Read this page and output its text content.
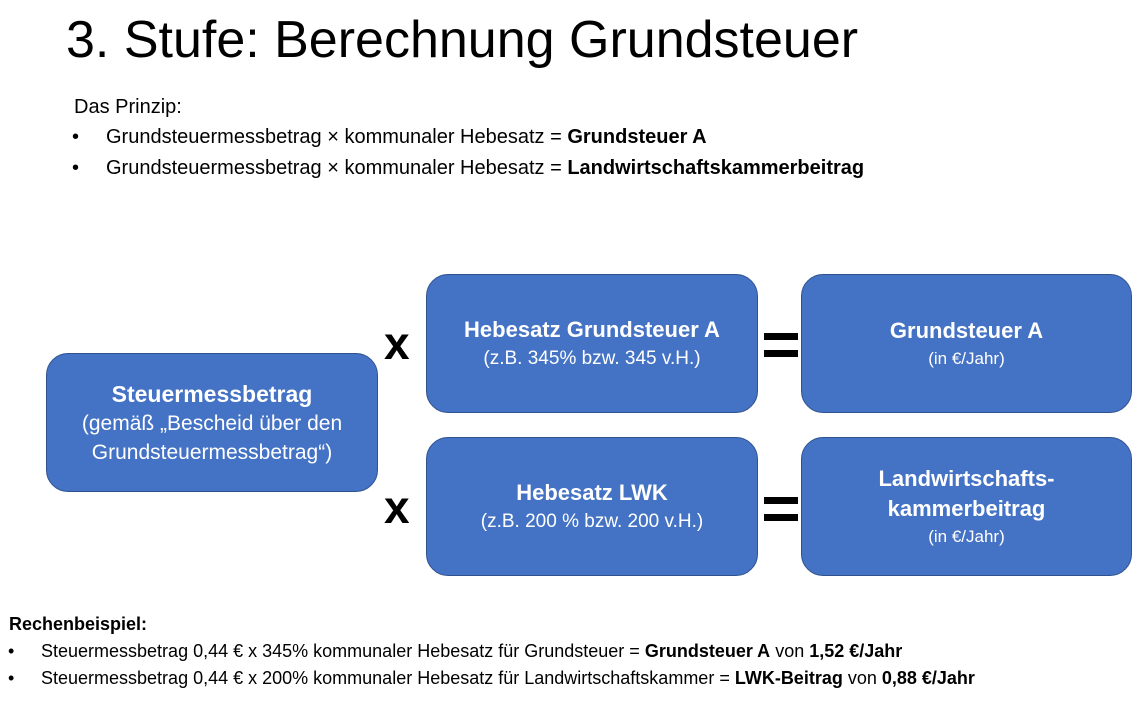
3. Stufe: Berechnung Grundsteuer
Das Prinzip:
• Grundsteuermessbetrag × kommunaler Hebesatz = Grundsteuer A
• Grundsteuermessbetrag × kommunaler Hebesatz = Landwirtschaftskammerbeitrag
Steuermessbetrag
(gemäß „Bescheid über den
Grundsteuermessbetrag“)
x
x
Hebesatz Grundsteuer A
(z.B. 345% bzw. 345 v.H.)
Hebesatz LWK
(z.B. 200 % bzw. 200 v.H.)
Grundsteuer A
(in €/Jahr)
Landwirtschafts-
kammerbeitrag
(in €/Jahr)
Rechenbeispiel:
• Steuermessbetrag 0,44 € x 345% kommunaler Hebesatz für Grundsteuer = Grundsteuer A von 1,52 €/Jahr
• Steuermessbetrag 0,44 € x 200% kommunaler Hebesatz für Landwirtschaftskammer = LWK-Beitrag von 0,88 €/Jahr
